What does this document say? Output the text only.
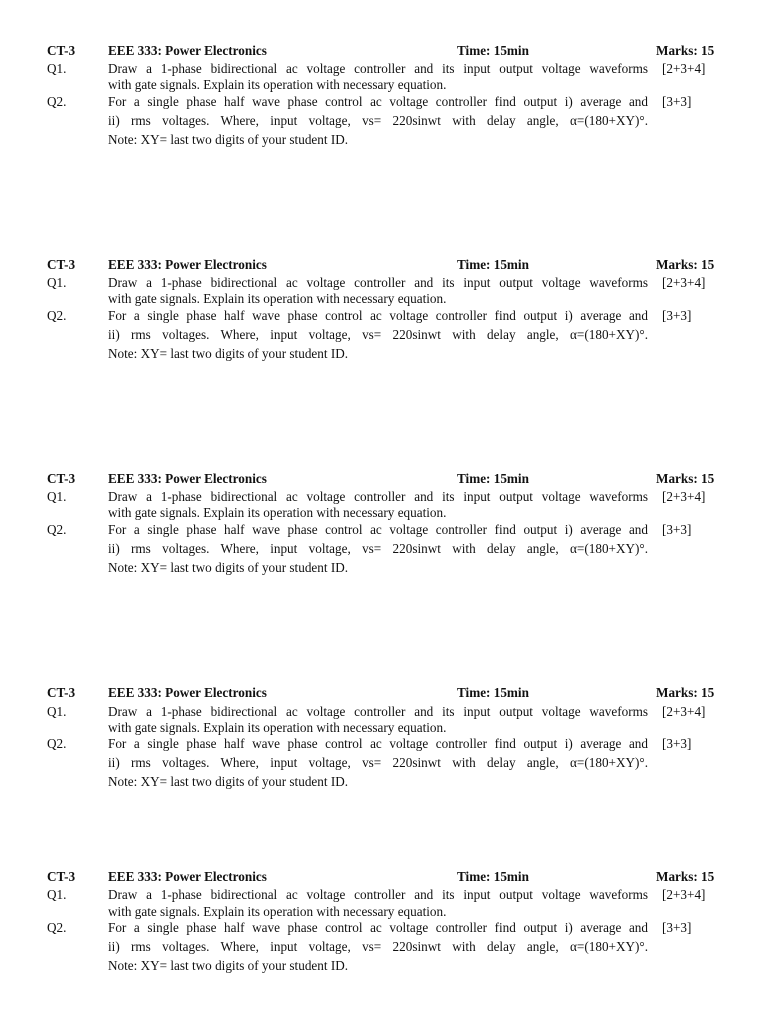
CT-3 EEE 333: Power Electronics	Time: 15min	Marks: 15
Q1.	Draw a 1-phase bidirectional ac voltage controller and its input output voltage waveforms [2+3+4]
with gate signals. Explain its operation with necessary equation.
Q2.	For a single phase half wave phase control ac voltage controller find output i) average and [3+3]
ii) rms voltages. Where, input voltage, vs= 220sinwt with delay angle, α=(180+XY)°.
Note: XY= last two digits of your student ID.
CT-3 EEE 333: Power Electronics	Time: 15min	Marks: 15
Q1.	Draw a 1-phase bidirectional ac voltage controller and its input output voltage waveforms [2+3+4]
with gate signals. Explain its operation with necessary equation.
Q2.	For a single phase half wave phase control ac voltage controller find output i) average and [3+3]
ii) rms voltages. Where, input voltage, vs= 220sinwt with delay angle, α=(180+XY)°.
Note: XY= last two digits of your student ID.
CT-3 EEE 333: Power Electronics	Time: 15min	Marks: 15
Q1.	Draw a 1-phase bidirectional ac voltage controller and its input output voltage waveforms [2+3+4]
with gate signals. Explain its operation with necessary equation.
Q2.	For a single phase half wave phase control ac voltage controller find output i) average and [3+3]
ii) rms voltages. Where, input voltage, vs= 220sinwt with delay angle, α=(180+XY)°.
Note: XY= last two digits of your student ID.
CT-3 EEE 333: Power Electronics	Time: 15min	Marks: 15
Q1.	Draw a 1-phase bidirectional ac voltage controller and its input output voltage waveforms [2+3+4]
with gate signals. Explain its operation with necessary equation.
Q2.	For a single phase half wave phase control ac voltage controller find output i) average and [3+3]
ii) rms voltages. Where, input voltage, vs= 220sinwt with delay angle, α=(180+XY)°.
Note: XY= last two digits of your student ID.
CT-3 EEE 333: Power Electronics	Time: 15min	Marks: 15
Q1.	Draw a 1-phase bidirectional ac voltage controller and its input output voltage waveforms [2+3+4]
with gate signals. Explain its operation with necessary equation.
Q2.	For a single phase half wave phase control ac voltage controller find output i) average and [3+3]
ii) rms voltages. Where, input voltage, vs= 220sinwt with delay angle, α=(180+XY)°.
Note: XY= last two digits of your student ID.
